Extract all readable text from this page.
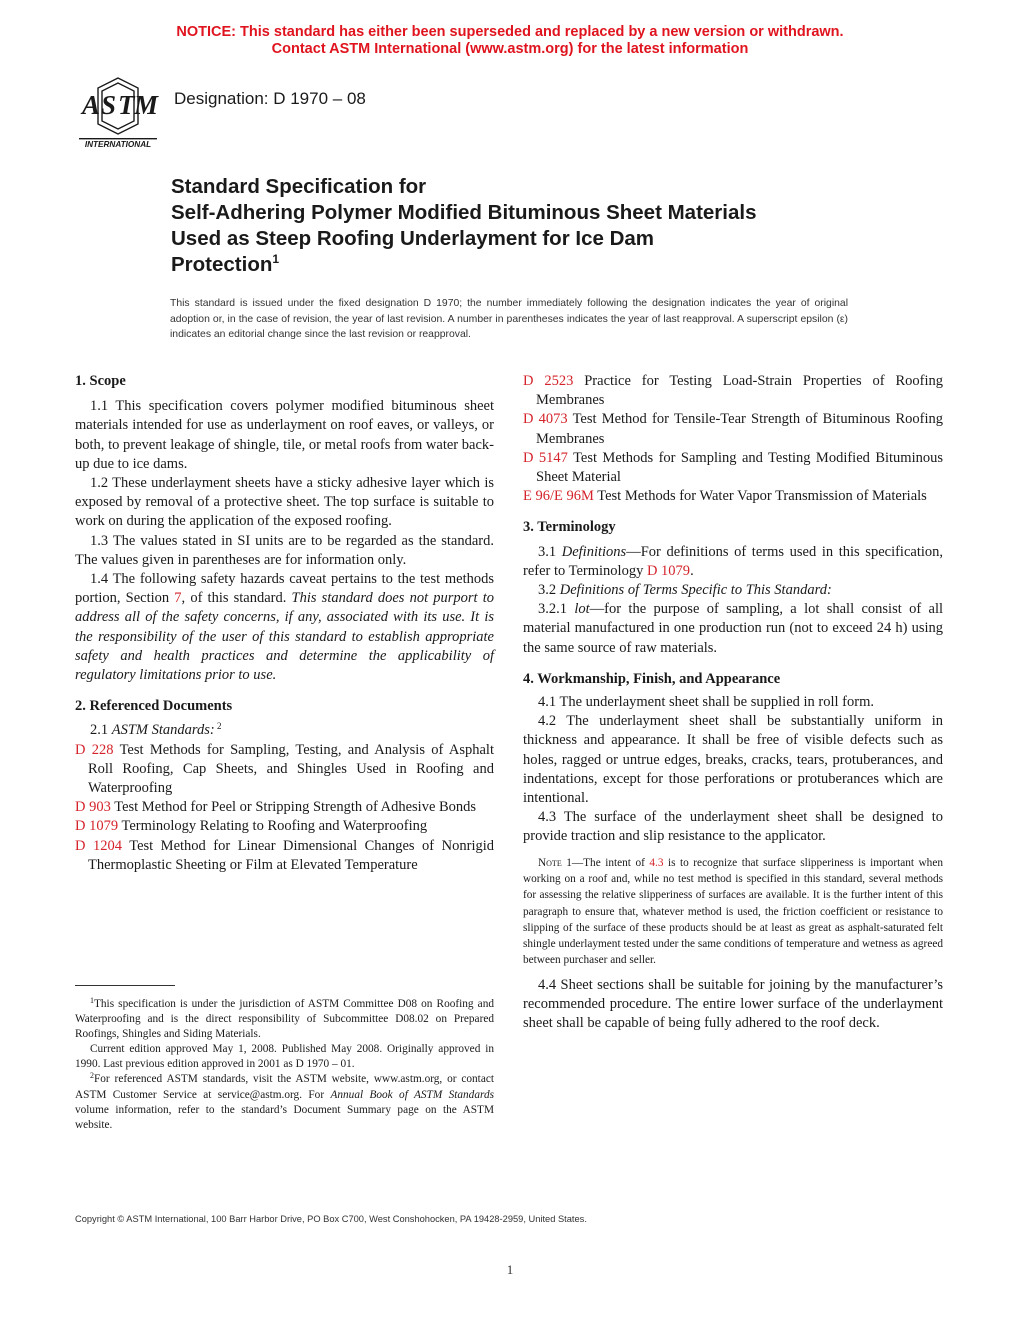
NOTICE: This standard has either been superseded and replaced by a new version or withdrawn.
Contact ASTM International (www.astm.org) for the latest information
A S T M
INTERNATIONAL
Designation: D 1970 – 08
Standard Specification for
Self-Adhering Polymer Modified Bituminous Sheet Materials
Used as Steep Roofing Underlayment for Ice Dam
Protection$^1$
This standard is issued under the fixed designation D 1970; the number immediately following the designation indicates the year of original adoption or, in the case of revision, the year of last revision. A number in parentheses indicates the year of last reapproval. A superscript epsilon (ε) indicates an editorial change since the last revision or reapproval.

1. Scope

1.1 This specification covers polymer modified bituminous sheet materials intended for use as underlayment on roof eaves, or valleys, or both, to prevent leakage of shingle, tile, or metal roofs from water back-up due to ice dams.

1.2 These underlayment sheets have a sticky adhesive layer which is exposed by removal of a protective sheet. The top surface is suitable to work on during the application of the exposed roofing.

1.3 The values stated in SI units are to be regarded as the standard. The values given in parentheses are for information only.

1.4 The following safety hazards caveat pertains to the test methods portion, Section 7, of this standard. This standard does not purport to address all of the safety concerns, if any, associated with its use. It is the responsibility of the user of this standard to establish appropriate safety and health practices and determine the applicability of regulatory limitations prior to use.

2. Referenced Documents

2.1 ASTM Standards: $^2$

D 228 Test Methods for Sampling, Testing, and Analysis of Asphalt Roll Roofing, Cap Sheets, and Shingles Used in Roofing and Waterproofing

D 903 Test Method for Peel or Stripping Strength of Adhesive Bonds

D 1079 Terminology Relating to Roofing and Waterproofing

D 1204 Test Method for Linear Dimensional Changes of Nonrigid Thermoplastic Sheeting or Film at Elevated Temperature

$^1$This specification is under the jurisdiction of ASTM Committee D08 on Roofing and Waterproofing and is the direct responsibility of Subcommittee D08.02 on Prepared Roofings, Shingles and Siding Materials.

Current edition approved May 1, 2008. Published May 2008. Originally approved in 1990. Last previous edition approved in 2001 as D 1970 – 01.

$^2$For referenced ASTM standards, visit the ASTM website, www.astm.org, or contact ASTM Customer Service at service@astm.org. For Annual Book of ASTM Standards volume information, refer to the standard’s Document Summary page on the ASTM website.

D 2523 Practice for Testing Load-Strain Properties of Roofing Membranes

D 4073 Test Method for Tensile-Tear Strength of Bituminous Roofing Membranes

D 5147 Test Methods for Sampling and Testing Modified Bituminous Sheet Material

E 96/E 96M Test Methods for Water Vapor Transmission of Materials

3. Terminology

3.1 Definitions—For definitions of terms used in this specification, refer to Terminology D 1079.

3.2 Definitions of Terms Specific to This Standard:

3.2.1 lot—for the purpose of sampling, a lot shall consist of all material manufactured in one production run (not to exceed 24 h) using the same source of raw materials.

4. Workmanship, Finish, and Appearance

4.1 The underlayment sheet shall be supplied in roll form.

4.2 The underlayment sheet shall be substantially uniform in thickness and appearance. It shall be free of visible defects such as holes, ragged or untrue edges, breaks, cracks, tears, protuberances, and indentations, except for those perforations or protuberances which are intentional.

4.3 The surface of the underlayment sheet shall be designed to provide traction and slip resistance to the applicator.

Note 1—The intent of 4.3 is to recognize that surface slipperiness is important when working on a roof and, while no test method is specified in this standard, several methods for assessing the relative slipperiness of surfaces are available. It is the further intent of this paragraph to ensure that, whatever method is used, the friction coefficient or resistance to slipping of the surface of these products should be at least as great as asphalt-saturated felt shingle underlayment tested under the same conditions of temperature and wetness as agreed between purchaser and seller.

4.4 Sheet sections shall be suitable for joining by the manufacturer’s recommended procedure. The entire lower surface of the underlayment sheet shall be capable of being fully adhered to the roof deck.

Copyright © ASTM International, 100 Barr Harbor Drive, PO Box C700, West Conshohocken, PA 19428-2959, United States.
1
